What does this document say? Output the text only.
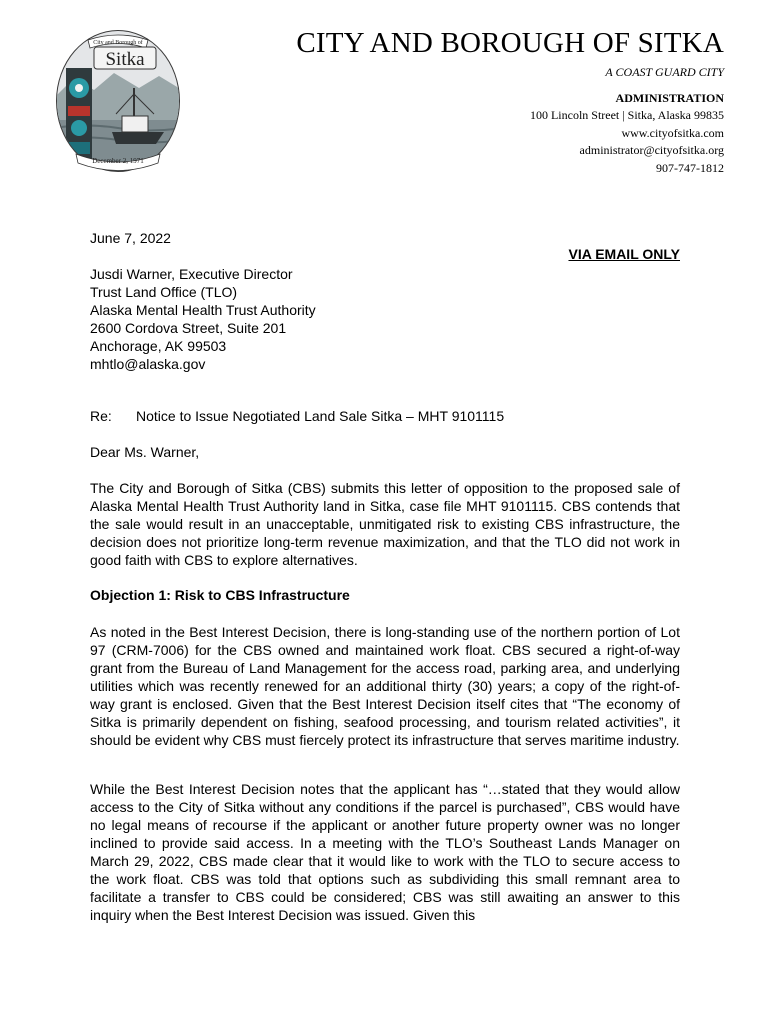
City and Borough of
Sitka
December 2, 1971
CITY AND BOROUGH OF SITKA
A COAST GUARD CITY
ADMINISTRATION
100 Lincoln Street | Sitka, Alaska 99835
www.cityofsitka.com
administrator@cityofsitka.org
907-747-1812
June 7, 2022
VIA EMAIL ONLY
Jusdi Warner, Executive Director
Trust Land Office (TLO)
Alaska Mental Health Trust Authority
2600 Cordova Street, Suite 201
Anchorage, AK 99503
mhtlo@alaska.gov
Re:	Notice to Issue Negotiated Land Sale Sitka – MHT 9101115
Dear Ms. Warner,
The City and Borough of Sitka (CBS) submits this letter of opposition to the proposed sale of Alaska Mental Health Trust Authority land in Sitka, case file MHT 9101115. CBS contends that the sale would result in an unacceptable, unmitigated risk to existing CBS infrastructure, the decision does not prioritize long-term revenue maximization, and that the TLO did not work in good faith with CBS to explore alternatives.
Objection 1: Risk to CBS Infrastructure
As noted in the Best Interest Decision, there is long-standing use of the northern portion of Lot 97 (CRM-7006) for the CBS owned and maintained work float. CBS secured a right-of-way grant from the Bureau of Land Management for the access road, parking area, and underlying utilities which was recently renewed for an additional thirty (30) years; a copy of the right-of-way grant is enclosed. Given that the Best Interest Decision itself cites that “The economy of Sitka is primarily dependent on fishing, seafood processing, and tourism related activities”, it should be evident why CBS must fiercely protect its infrastructure that serves maritime industry.
While the Best Interest Decision notes that the applicant has “…stated that they would allow access to the City of Sitka without any conditions if the parcel is purchased”, CBS would have no legal means of recourse if the applicant or another future property owner was no longer inclined to provide said access. In a meeting with the TLO’s Southeast Lands Manager on March 29, 2022, CBS made clear that it would like to work with the TLO to secure access to the work float. CBS was told that options such as subdividing this small remnant area to facilitate a transfer to CBS could be considered; CBS was still awaiting an answer to this inquiry when the Best Interest Decision was issued. Given this
